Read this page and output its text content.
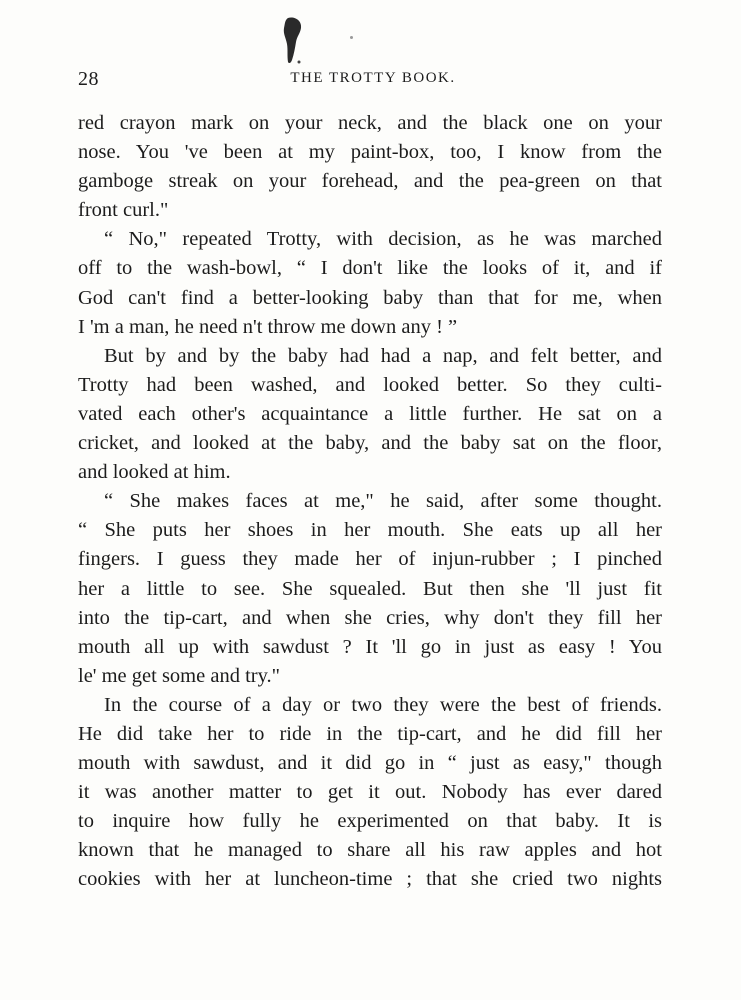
28	THE TROTTY BOOK.
red crayon mark on your neck, and the black one on your
nose. You 've been at my paint-box, too, I know from the
gamboge streak on your forehead, and the pea-green on that
front curl."
“ No," repeated Trotty, with decision, as he was marched
off to the wash-bowl, “ I don't like the looks of it, and if
God can't find a better-looking baby than that for me, when
I 'm a man, he need n't throw me down any ! ”
But by and by the baby had had a nap, and felt better, and
Trotty had been washed, and looked better. So they culti-
vated each other's acquaintance a little further. He sat on a
cricket, and looked at the baby, and the baby sat on the floor,
and looked at him.
“ She makes faces at me," he said, after some thought.
“ She puts her shoes in her mouth. She eats up all her
fingers. I guess they made her of injun-rubber ; I pinched
her a little to see. She squealed. But then she 'll just fit
into the tip-cart, and when she cries, why don't they fill her
mouth all up with sawdust ? It 'll go in just as easy ! You
le' me get some and try."
In the course of a day or two they were the best of friends.
He did take her to ride in the tip-cart, and he did fill her
mouth with sawdust, and it did go in “ just as easy," though
it was another matter to get it out. Nobody has ever dared
to inquire how fully he experimented on that baby. It is
known that he managed to share all his raw apples and hot
cookies with her at luncheon-time ; that she cried two nights
